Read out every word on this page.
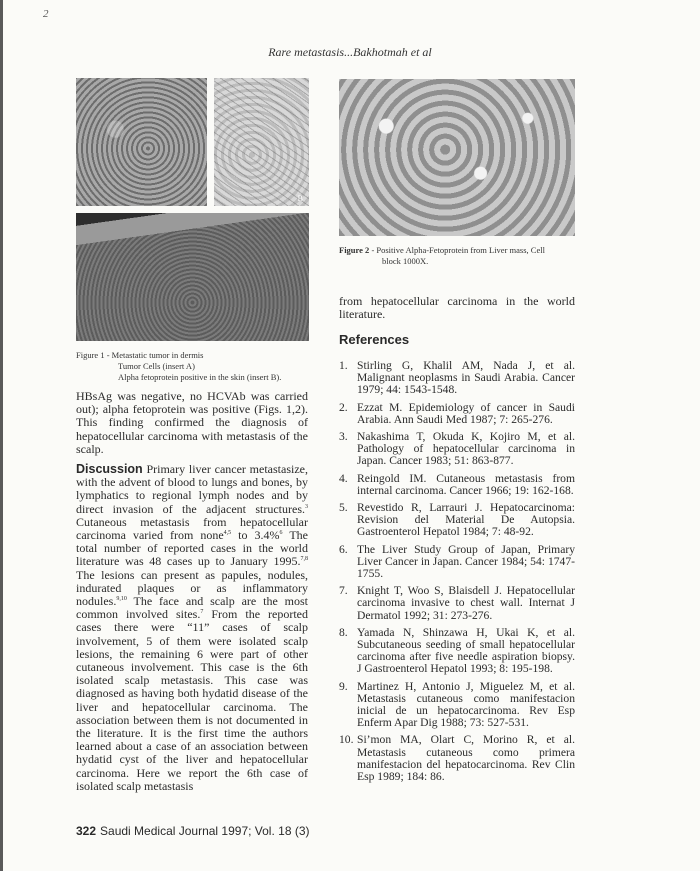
2
Rare metastasis...Bakhotmah et al
B
Figure 1 - Metastatic tumor in dermis
Tumor Cells (insert A)
Alpha fetoprotein positive in the skin (insert B).
Figure 2 - Positive Alpha-Fetoprotein from Liver mass, Cell
block 1000X.

HBsAg was negative, no HCVAb was carried out); alpha fetoprotein was positive (Figs. 1,2). This finding confirmed the diagnosis of hepatocellular carcinoma with metastasis of the scalp.

Discussion Primary liver cancer metastasize, with the advent of blood to lungs and bones, by lymphatics to regional lymph nodes and by direct invasion of the adjacent structures.$^3$ Cutaneous metastasis from hepatocellular carcinoma varied from none$^{4,5}$ to 3.4%$^6$ The total number of reported cases in the world literature was 48 cases up to January 1995.$^{7,8}$ The lesions can present as papules, nodules, indurated plaques or as inflammatory nodules.$^{9,10}$ The face and scalp are the most common involved sites.$^7$ From the reported cases there were “11” cases of scalp involvement, 5 of them were isolated scalp lesions, the remaining 6 were part of other cutaneous involvement. This case is the 6th isolated scalp metastasis. This case was diagnosed as having both hydatid disease of the liver and hepatocellular carcinoma. The association between them is not documented in the literature. It is the first time the authors learned about a case of an association between hydatid cyst of the liver and hepatocellular carcinoma. Here we report the 6th case of isolated scalp metastasis

from hepatocellular carcinoma in the world literature.

References
1. Stirling G, Khalil AM, Nada J, et al. Malignant neoplasms in Saudi Arabia. Cancer 1979; 44: 1543-1548.
2. Ezzat M. Epidemiology of cancer in Saudi Arabia. Ann Saudi Med 1987; 7: 265-276.
3. Nakashima T, Okuda K, Kojiro M, et al. Pathology of hepatocellular carcinoma in Japan. Cancer 1983; 51: 863-877.
4. Reingold IM. Cutaneous metastasis from internal carcinoma. Cancer 1966; 19: 162-168.
5. Revestido R, Larrauri J. Hepatocarcinoma: Revision del Material De Autopsia. Gastroenterol Hepatol 1984; 7: 48-92.
6. The Liver Study Group of Japan, Primary Liver Cancer in Japan. Cancer 1984; 54: 1747-1755.
7. Knight T, Woo S, Blaisdell J. Hepatocellular carcinoma invasive to chest wall. Internat J Dermatol 1992; 31: 273-276.
8. Yamada N, Shinzawa H, Ukai K, et al. Subcutaneous seeding of small hepatocellular carcinoma after five needle aspiration biopsy. J Gastroenterol Hepatol 1993; 8: 195-198.
9. Martinez H, Antonio J, Miguelez M, et al. Metastasis cutaneous como manifestacion inicial de un hepatocarcinoma. Rev Esp Enferm Apar Dig 1988; 73: 527-531.
10. Si’mon MA, Olart C, Morino R, et al. Metastasis cutaneous como primera manifestacion del hepatocarcinoma. Rev Clin Esp 1989; 184: 86.
322 Saudi Medical Journal 1997; Vol. 18 (3)
